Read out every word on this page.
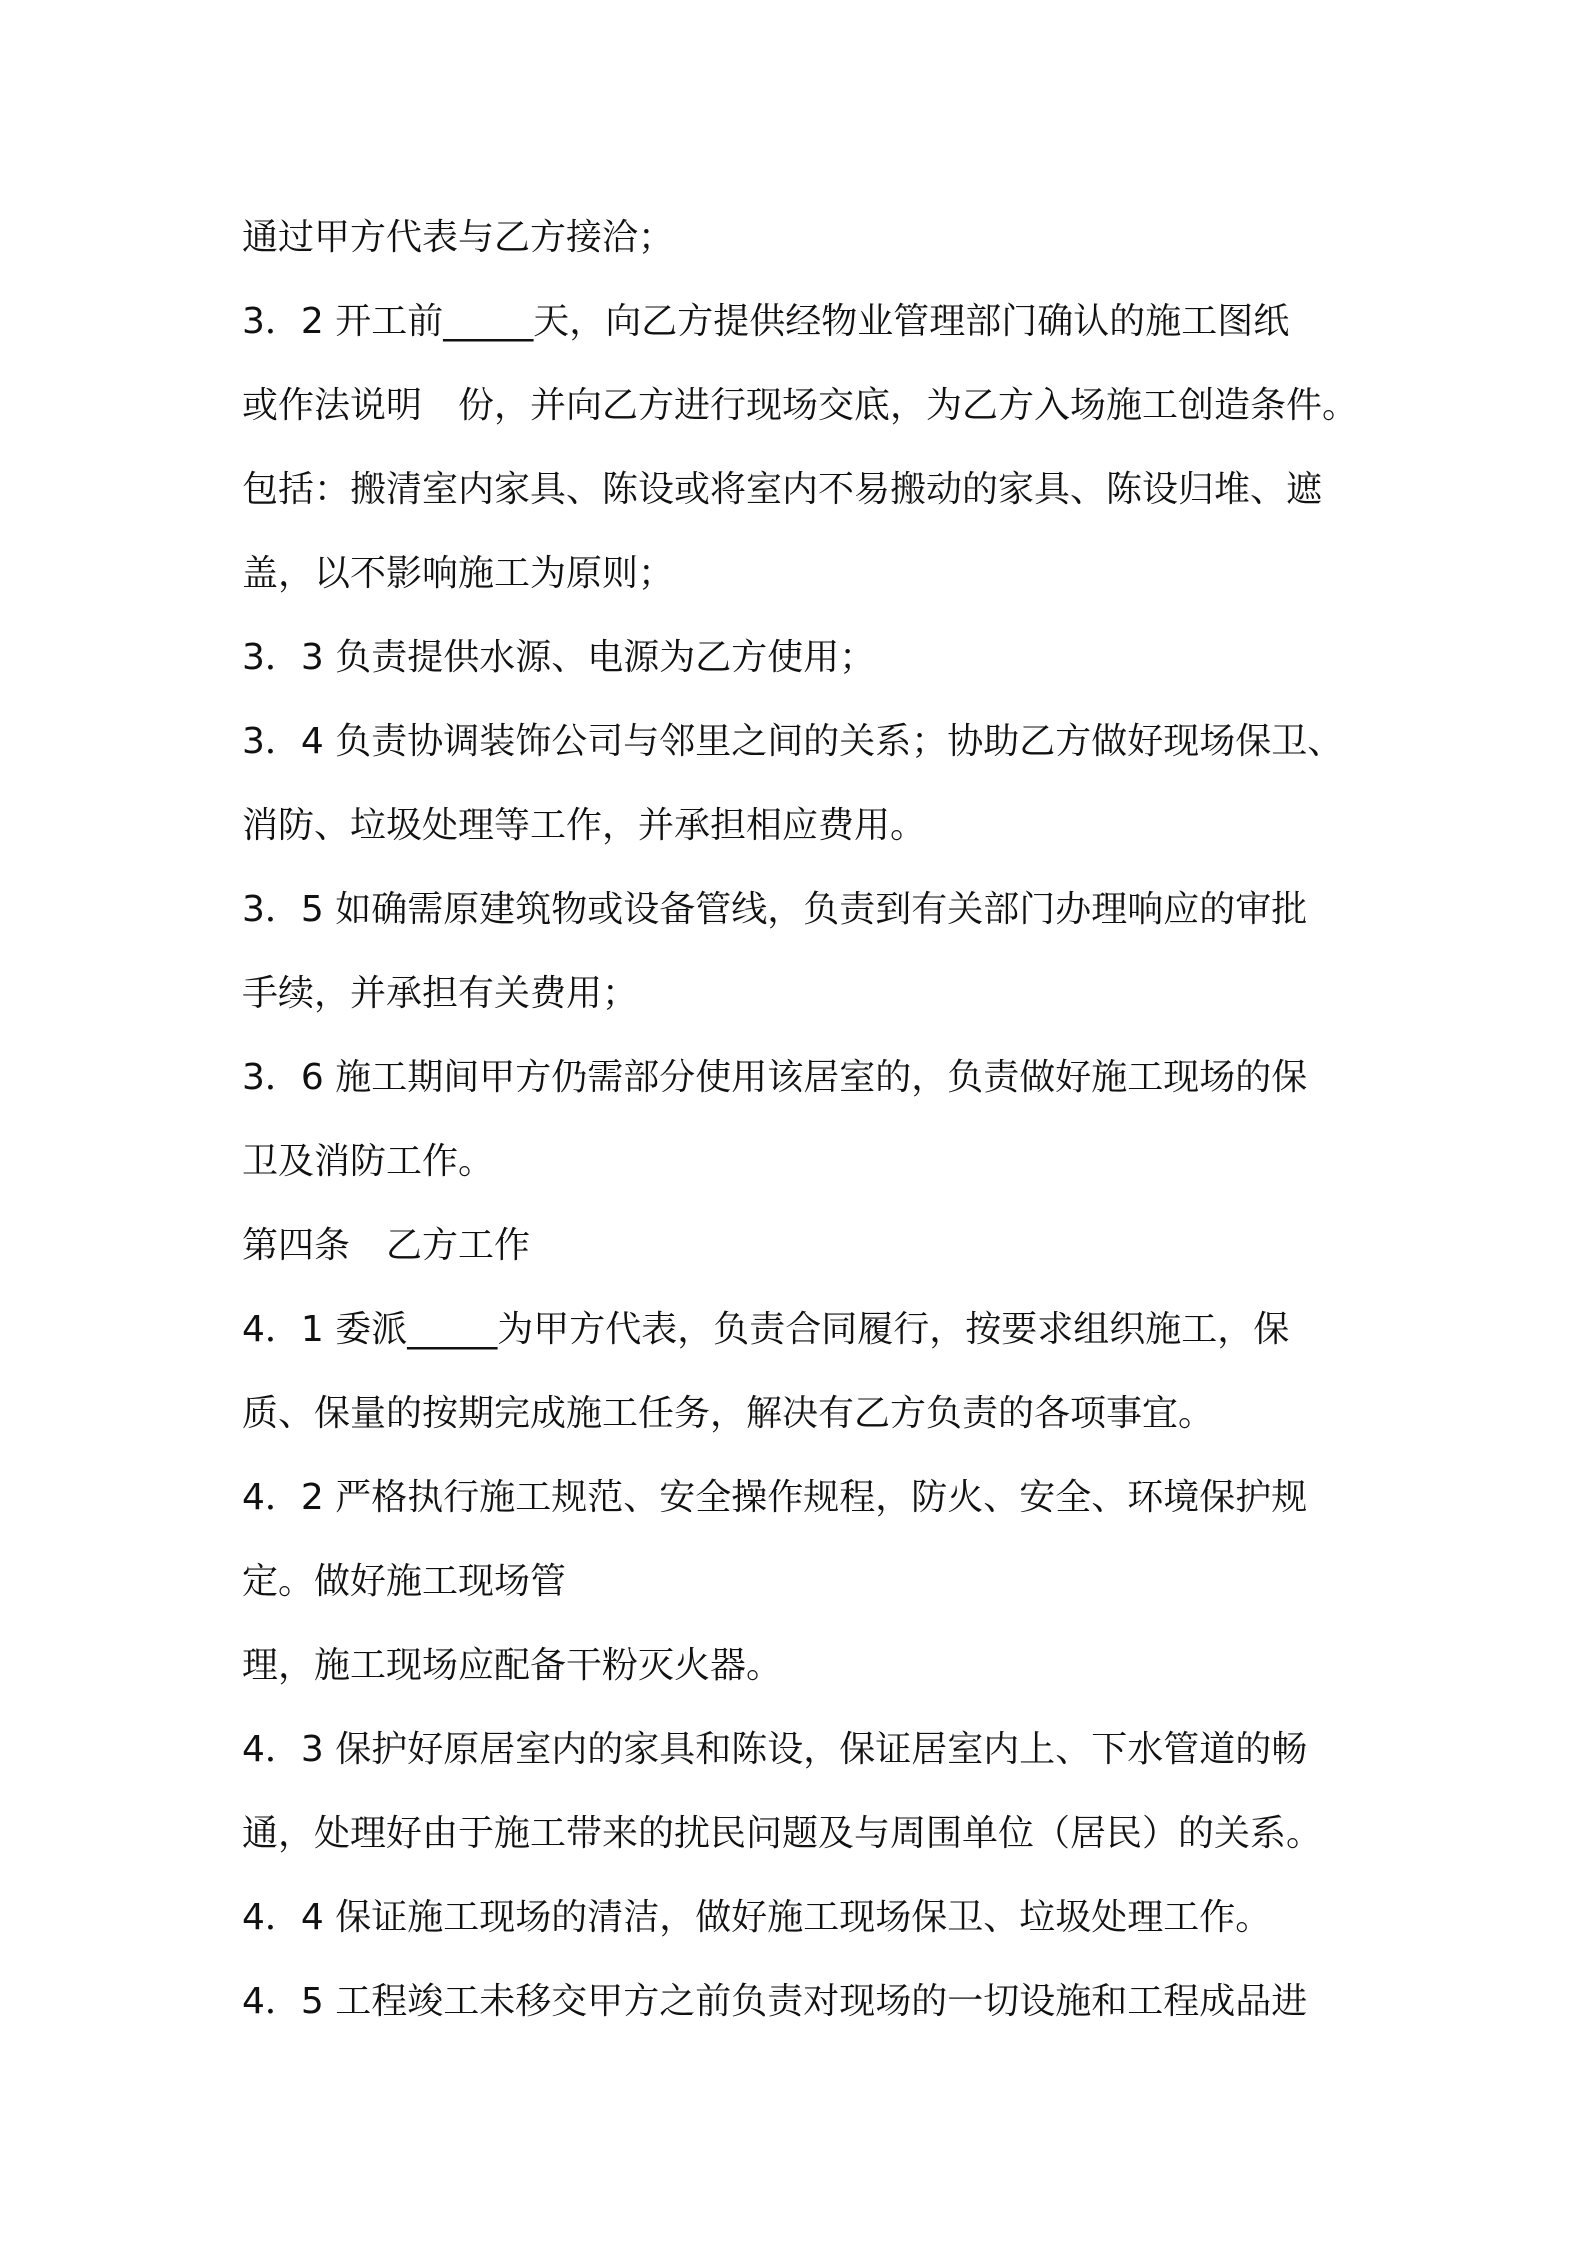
通过甲方代表与乙方接洽；
3．2 开工前_____天，向乙方提供经物业管理部门确认的施工图纸
或作法说明　份，并向乙方进行现场交底，为乙方入场施工创造条件。
包括：搬清室内家具、陈设或将室内不易搬动的家具、陈设归堆、遮
盖，以不影响施工为原则；
3．3 负责提供水源、电源为乙方使用；
3．4 负责协调装饰公司与邻里之间的关系；协助乙方做好现场保卫、
消防、垃圾处理等工作，并承担相应费用。
3．5 如确需原建筑物或设备管线，负责到有关部门办理响应的审批
手续，并承担有关费用；
3．6 施工期间甲方仍需部分使用该居室的，负责做好施工现场的保
卫及消防工作。
第四条　乙方工作
4．1 委派_____为甲方代表，负责合同履行，按要求组织施工，保
质、保量的按期完成施工任务，解决有乙方负责的各项事宜。
4．2 严格执行施工规范、安全操作规程，防火、安全、环境保护规
定。做好施工现场管
理，施工现场应配备干粉灭火器。
4．3 保护好原居室内的家具和陈设，保证居室内上、下水管道的畅
通，处理好由于施工带来的扰民问题及与周围单位（居民）的关系。
4．4 保证施工现场的清洁，做好施工现场保卫、垃圾处理工作。
4．5 工程竣工未移交甲方之前负责对现场的一切设施和工程成品进
